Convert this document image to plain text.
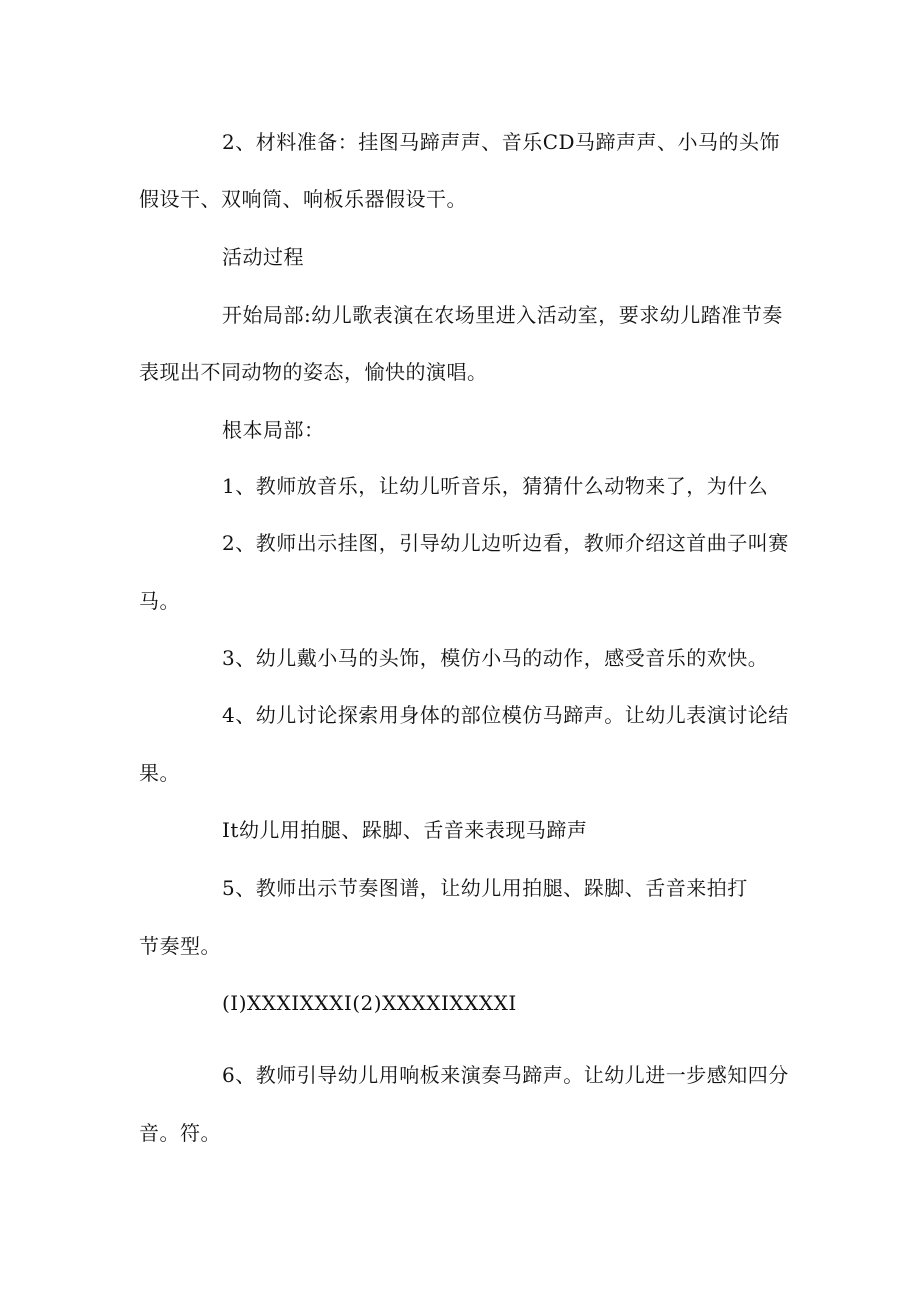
2、材料准备：挂图马蹄声声、音乐CD马蹄声声、小马的头饰
假设干、双响筒、响板乐器假设干。
活动过程
开始局部:幼儿歌表演在农场里进入活动室，要求幼儿踏准节奏
表现出不同动物的姿态，愉快的演唱。
根本局部：
1、教师放音乐，让幼儿听音乐，猜猜什么动物来了，为什么
2、教师出示挂图，引导幼儿边听边看，教师介绍这首曲子叫赛
马。
3、幼儿戴小马的头饰，模仿小马的动作，感受音乐的欢快。
4、幼儿讨论探索用身体的部位模仿马蹄声。让幼儿表演讨论结
果。
It幼儿用拍腿、跺脚、舌音来表现马蹄声
5、教师出示节奏图谱，让幼儿用拍腿、跺脚、舌音来拍打
节奏型。
(I)XXXIXXXI(2)XXXXIXXXXI
6、教师引导幼儿用响板来演奏马蹄声。让幼儿进一步感知四分
音。符。
